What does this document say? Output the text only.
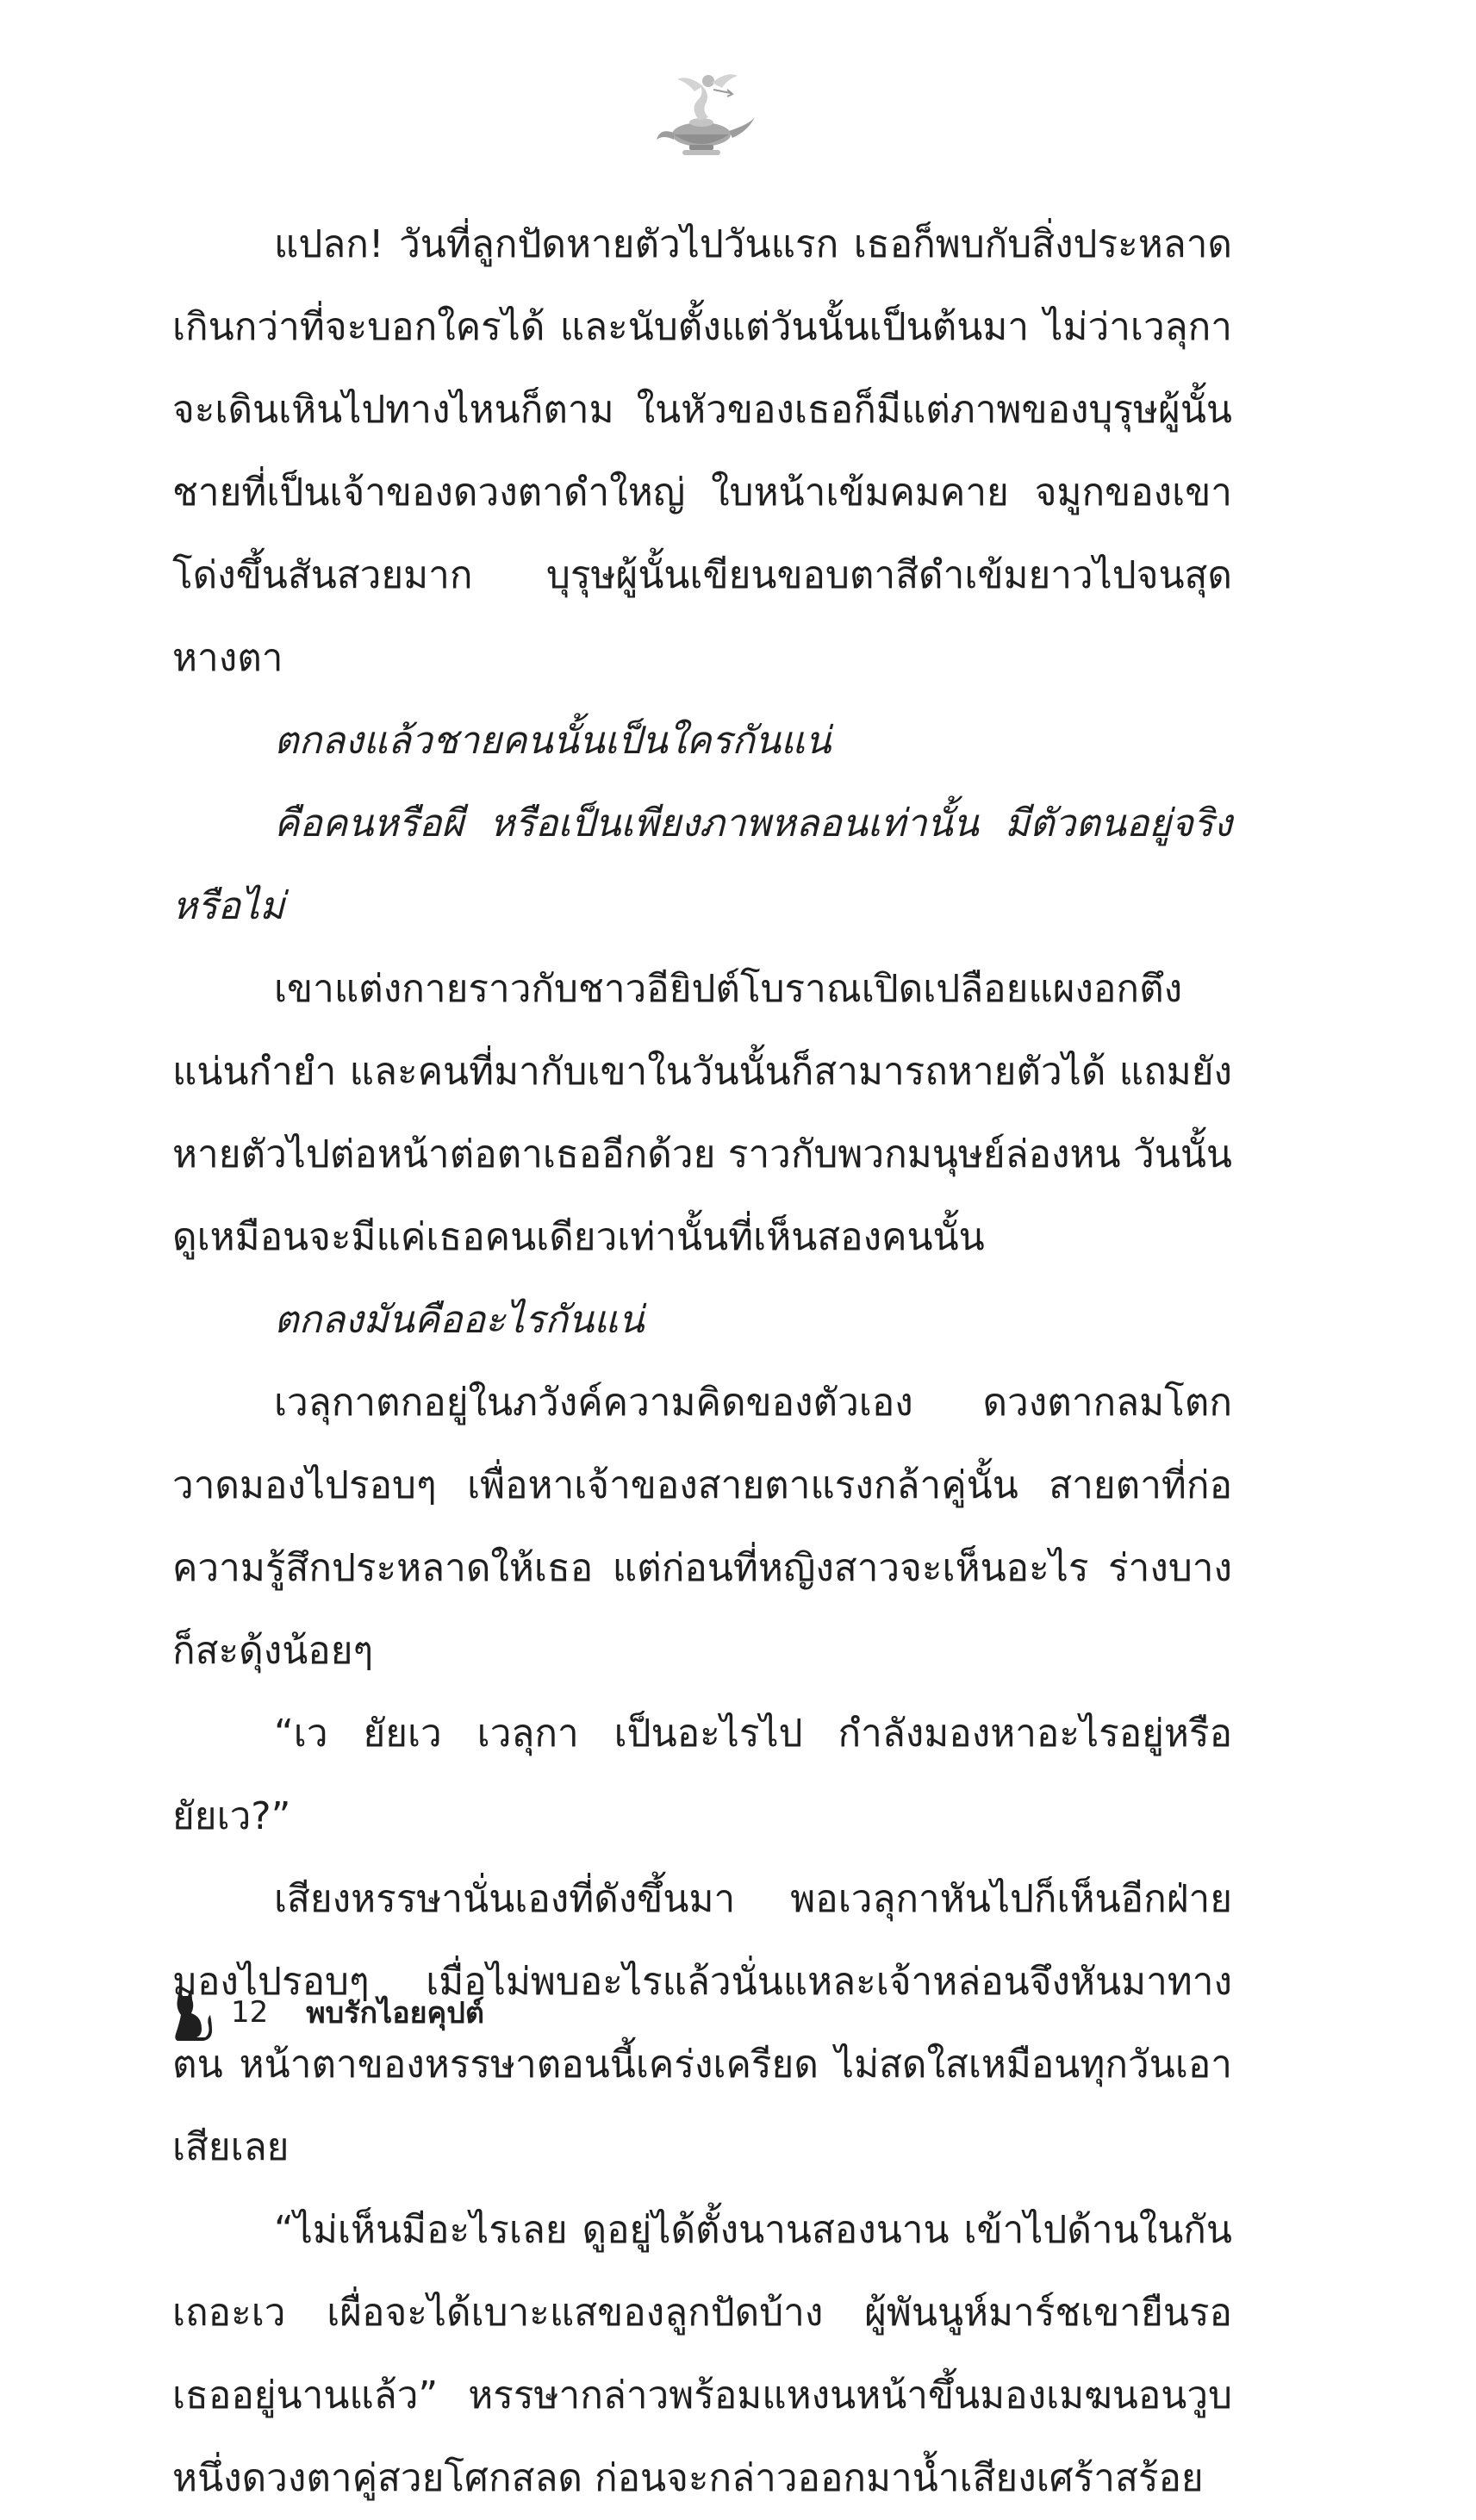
แปลก! วันที่ลูกปัดหายตัวไปวันแรก เธอก็พบกับสิ่งประหลาดเกินกว่าที่จะบอกใครได้ และนับตั้งแต่วันนั้นเป็นต้นมา ไม่ว่าเวลุกาจะเดินเหินไปทางไหนก็ตาม ในหัวของเธอก็มีแต่ภาพของบุรุษผู้นั้น ชายที่เป็นเจ้าของดวงตาดำใหญ่ ใบหน้าเข้มคมคาย จมูกของเขาโด่งขึ้นสันสวยมาก บุรุษผู้นั้นเขียนขอบตาสีดำเข้มยาวไปจนสุดหางตา

ตกลงแล้วชายคนนั้นเป็นใครกันแน่

คือคนหรือผี หรือเป็นเพียงภาพหลอนเท่านั้น มีตัวตนอยู่จริงหรือไม่

เขาแต่งกายราวกับชาวอียิปต์โบราณเปิดเปลือยแผงอกตึงแน่นกำยำ และคนที่มากับเขาในวันนั้นก็สามารถหายตัวได้ แถมยังหายตัวไปต่อหน้าต่อตาเธออีกด้วย ราวกับพวกมนุษย์ล่องหน วันนั้นดูเหมือนจะมีแค่เธอคนเดียวเท่านั้นที่เห็นสองคนนั้น

ตกลงมันคืออะไรกันแน่

เวลุกาตกอยู่ในภวังค์ความคิดของตัวเอง ดวงตากลมโตกวาดมองไปรอบๆ เพื่อหาเจ้าของสายตาแรงกล้าคู่นั้น สายตาที่ก่อความรู้สึกประหลาดให้เธอ แต่ก่อนที่หญิงสาวจะเห็นอะไร ร่างบางก็สะดุ้งน้อยๆ

“เว ยัยเว เวลุกา เป็นอะไรไป กำลังมองหาอะไรอยู่หรือ ยัยเว?”

เสียงหรรษานั่นเองที่ดังขึ้นมา พอเวลุกาหันไปก็เห็นอีกฝ่ายมองไปรอบๆ เมื่อไม่พบอะไรแล้วนั่นแหละเจ้าหล่อนจึงหันมาทางตน หน้าตาของหรรษาตอนนี้เคร่งเครียด ไม่สดใสเหมือนทุกวันเอาเสียเลย

“ไม่เห็นมีอะไรเลย ดูอยู่ได้ตั้งนานสองนาน เข้าไปด้านในกันเถอะเว เผื่อจะได้เบาะแสของลูกปัดบ้าง ผู้พันนูห์มาร์ชเขายืนรอเธออยู่นานแล้ว” หรรษากล่าวพร้อมแหงนหน้าขึ้นมองเมฆนอนวูบหนึ่งดวงตาคู่สวยโศกสลด ก่อนจะกล่าวออกมาน้ำเสียงเศร้าสร้อย

12 พบรักไอยคุปต์
